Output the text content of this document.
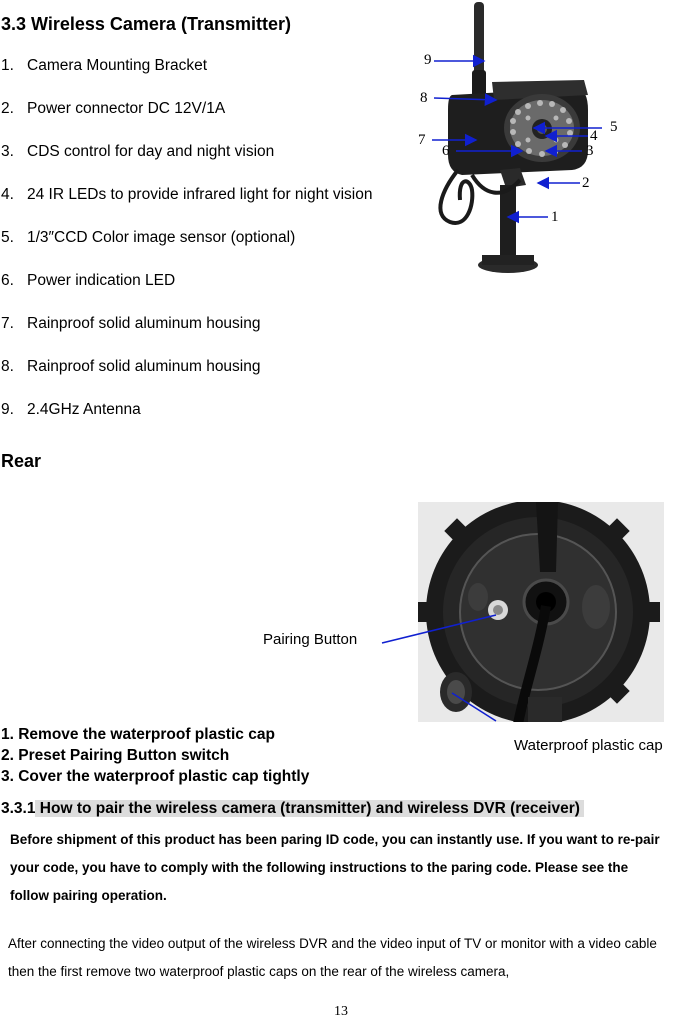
3.3 Wireless Camera (Transmitter)
1. Camera Mounting Bracket
2. Power connector DC 12V/1A
3. CDS control for day and night vision
4. 24 IR LEDs to provide infrared light for night vision
5. 1/3″CCD Color image sensor (optional)
6. Power indication LED
7. Rainproof solid aluminum housing
8. Rainproof solid aluminum housing
9. 2.4GHz Antenna
9
8
7
6
5
4
3
2
1
Rear
Pairing Button
Waterproof plastic cap
1. Remove the waterproof plastic cap
2. Preset Pairing Button switch
3. Cover the waterproof plastic cap tightly
3.3.1 How to pair the wireless camera (transmitter) and wireless DVR (receiver)
Before shipment of this product has been paring ID code, you can instantly use. If you want to re-pair your code, you have to comply with the following instructions to the paring code. Please see the follow pairing operation.
After connecting the video output of the wireless DVR and the video input of TV or monitor with a video cable then the first remove two waterproof plastic caps on the rear of the wireless camera,
13
